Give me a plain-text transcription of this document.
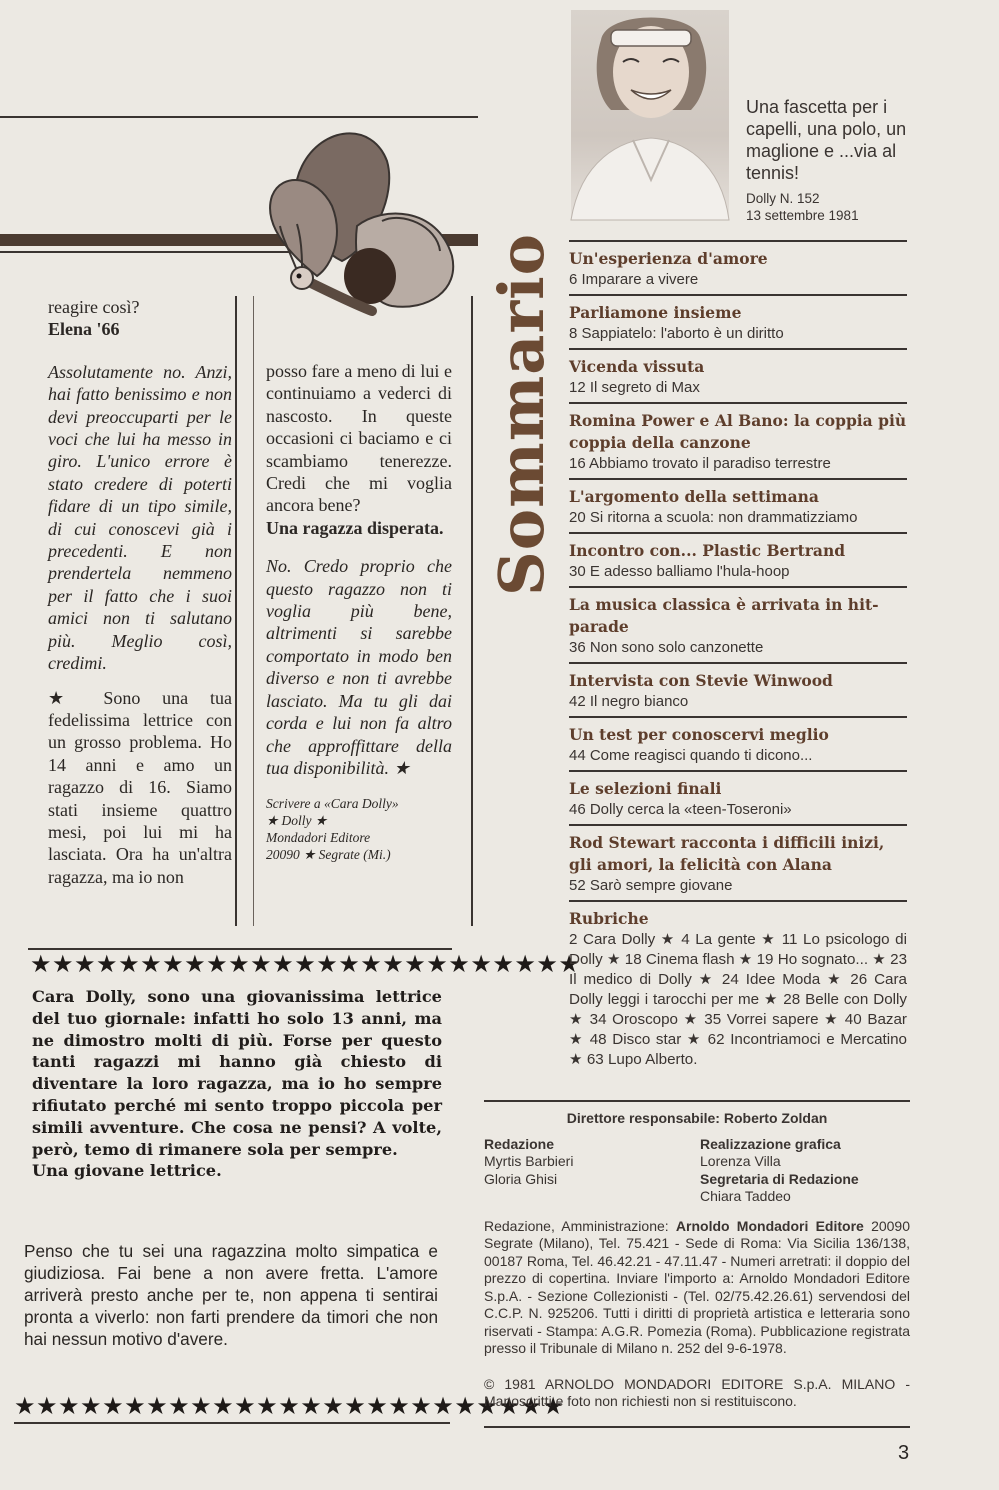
reagire così?

Elena '66

Assolutamente no. Anzi, hai fatto benissimo e non devi preoccuparti per le voci che lui ha messo in giro. L'unico errore è stato credere di poterti fidare di un tipo simile, di cui conoscevi già i precedenti. E non prendertela nemmeno per il fatto che i suoi amici non ti salutano più. Meglio così, credimi.

★ Sono una tua fedelissima lettrice con un grosso problema. Ho 14 anni e amo un ragazzo di 16. Siamo stati insieme quattro mesi, poi lui mi ha lasciata. Ora ha un'altra ragazza, ma io non

posso fare a meno di lui e continuiamo a vederci di nascosto. In queste occasioni ci baciamo e ci scambiamo tenerezze. Credi che mi voglia ancora bene?

Una ragazza disperata.

No. Credo proprio che questo ragazzo non ti voglia più bene, altrimenti si sarebbe comportato in modo ben diverso e non ti avrebbe lasciato. Ma tu gli dai corda e lui non fa altro che approffittare della tua disponibilità. ★

Scrivere a «Cara Dolly»
★ Dolly ★
Mondadori Editore
20090 ★ Segrate (Mi.)
★★★★★★★★★★★★★★★★★★★★★★★★★
Cara Dolly, sono una giovanissima lettrice del tuo giornale: infatti ho solo 13 anni, ma ne dimostro molti di più. Forse per questo tanti ragazzi mi hanno già chiesto di diventare la loro ragazza, ma io ho sempre rifiutato perché mi sento troppo piccola per simili avventure. Che cosa ne pensi? A volte, però, temo di rimanere sola per sempre.
Una giovane lettrice.
Penso che tu sei una ragazzina molto simpatica e giudiziosa. Fai bene a non avere fretta. L'amore arriverà presto anche per te, non appena ti sentirai pronta a viverlo: non farti prendere da timori che non hai nessun motivo d'avere.
★★★★★★★★★★★★★★★★★★★★★★★★★
Una fascetta per i capelli, una polo, un maglione e ...via al tennis!
Dolly N. 152
13 settembre 1981
Sommario Un'esperienza d'amore
6 Imparare a vivere
Parliamone insieme
8 Sappiatelo: l'aborto è un diritto
Vicenda vissuta
12 Il segreto di Max
Romina Power e Al Bano: la coppia più coppia della canzone
16 Abbiamo trovato il paradiso terrestre
L'argomento della settimana
20 Si ritorna a scuola: non drammatizziamo
Incontro con... Plastic Bertrand
30 E adesso balliamo l'hula-hoop
La musica classica è arrivata in hit-parade
36 Non sono solo canzonette
Intervista con Stevie Winwood
42 Il negro bianco
Un test per conoscervi meglio
44 Come reagisci quando ti dicono...
Le selezioni finali
46 Dolly cerca la «teen-Toseroni»
Rod Stewart racconta i difficili inizi, gli amori, la felicità con Alana
52 Sarò sempre giovane
Rubriche
2 Cara Dolly ★ 4 La gente ★ 11 Lo psicologo di Dolly ★ 18 Cinema flash ★ 19 Ho sognato... ★ 23 Il medico di Dolly ★ 24 Idee Moda ★ 26 Cara Dolly leggi i tarocchi per me ★ 28 Belle con Dolly ★ 34 Oroscopo ★ 35 Vorrei sapere ★ 40 Bazar ★ 48 Disco star ★ 62 Incontriamoci e Mercatino ★ 63 Lupo Alberto.
Direttore responsabile: Roberto Zoldan
Redazione
Myrtis Barbieri
Gloria Ghisi
Realizzazione grafica
Lorenza Villa
Segretaria di Redazione
Chiara Taddeo
Redazione, Amministrazione: Arnoldo Mondadori Editore 20090 Segrate (Milano), Tel. 75.421 - Sede di Roma: Via Sicilia 136/138, 00187 Roma, Tel. 46.42.21 - 47.11.47 - Numeri arretrati: il doppio del prezzo di copertina. Inviare l'importo a: Arnoldo Mondadori Editore S.p.A. - Sezione Collezionisti - (Tel. 02/75.42.26.61) servendosi del C.C.P. N. 925206. Tutti i diritti di proprietà artistica e letteraria sono riservati - Stampa: A.G.R. Pomezia (Roma). Pubblicazione registrata presso il Tribunale di Milano n. 252 del 9-6-1978.
© 1981 ARNOLDO MONDADORI EDITORE S.p.A. MILANO - Manoscritti e foto non richiesti non si restituiscono.
3
